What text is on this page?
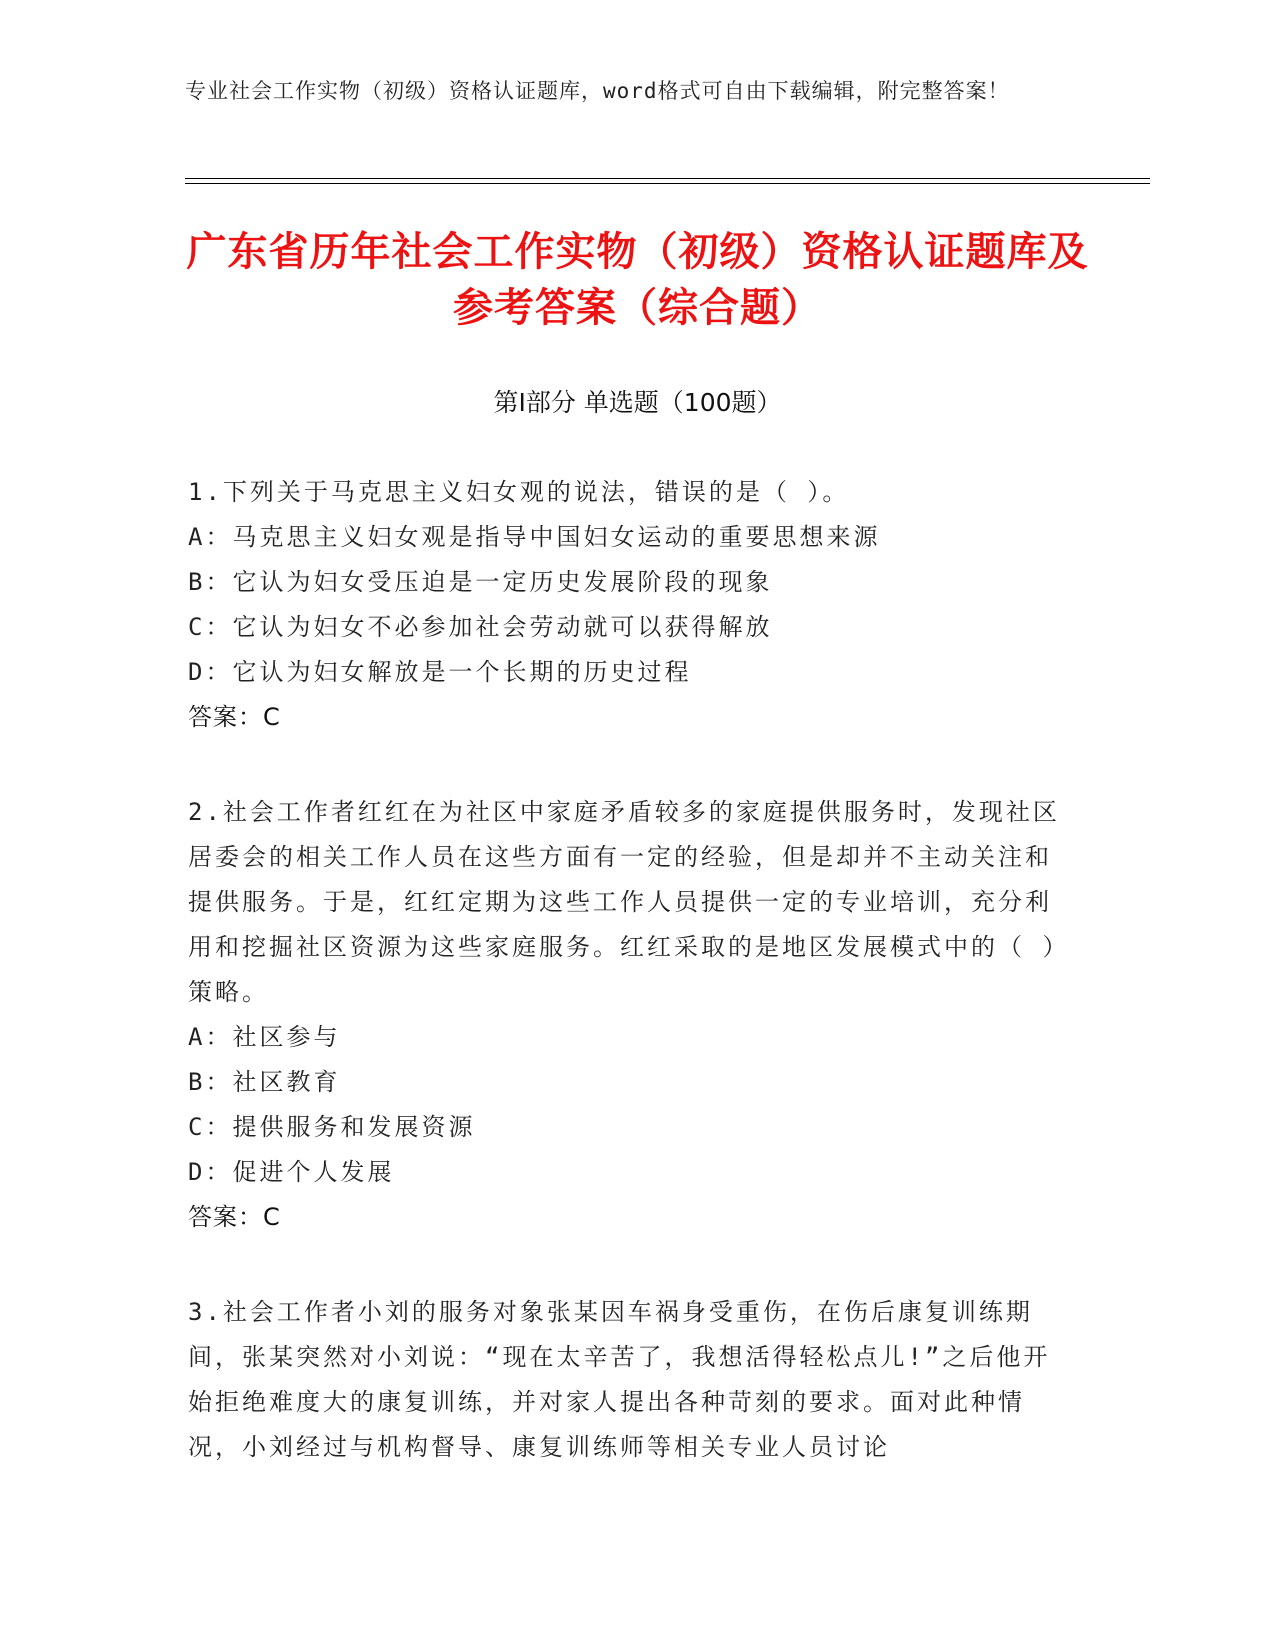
专业社会工作实物（初级）资格认证题库，word格式可自由下载编辑，附完整答案！
广东省历年社会工作实物（初级）资格认证题库及参考答案（综合题）
第Ⅰ部分 单选题（100题）

1.下列关于马克思主义妇女观的说法，错误的是（ ）。

A：马克思主义妇女观是指导中国妇女运动的重要思想来源

B：它认为妇女受压迫是一定历史发展阶段的现象

C：它认为妇女不必参加社会劳动就可以获得解放

D：它认为妇女解放是一个长期的历史过程

答案：C

2.社会工作者红红在为社区中家庭矛盾较多的家庭提供服务时，发现社区居委会的相关工作人员在这些方面有一定的经验，但是却并不主动关注和提供服务。于是，红红定期为这些工作人员提供一定的专业培训，充分利用和挖掘社区资源为这些家庭服务。红红采取的是地区发展模式中的（ ）策略。

A：社区参与

B：社区教育

C：提供服务和发展资源

D：促进个人发展

答案：C

3.社会工作者小刘的服务对象张某因车祸身受重伤，在伤后康复训练期间，张某突然对小刘说：“现在太辛苦了，我想活得轻松点儿!”之后他开始拒绝难度大的康复训练，并对家人提出各种苛刻的要求。面对此种情况，小刘经过与机构督导、康复训练师等相关专业人员讨论
